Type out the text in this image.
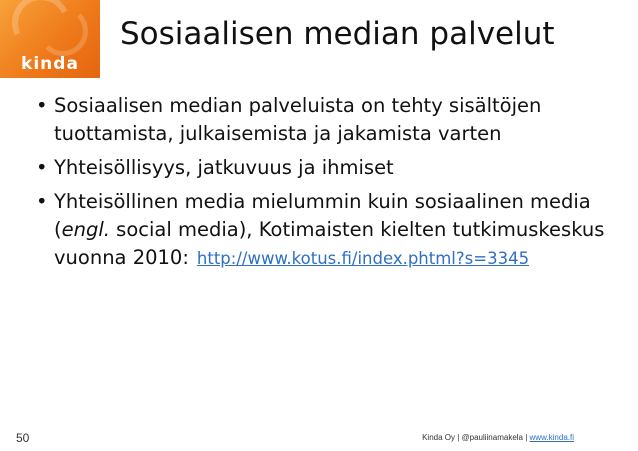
kinda
Sosiaalisen median palvelut
• Sosiaalisen median palveluista on tehty sisältöjen tuottamista, julkaisemista ja jakamista varten
• Yhteisöllisyys, jatkuvuus ja ihmiset
• Yhteisöllinen media mielummin kuin sosiaalinen media (engl. social media), Kotimaisten kielten tutkimuskeskus vuonna 2010: http://www.kotus.fi/index.phtml?s=3345
50	Kinda Oy | @pauliinamakela | www.kinda.fi
